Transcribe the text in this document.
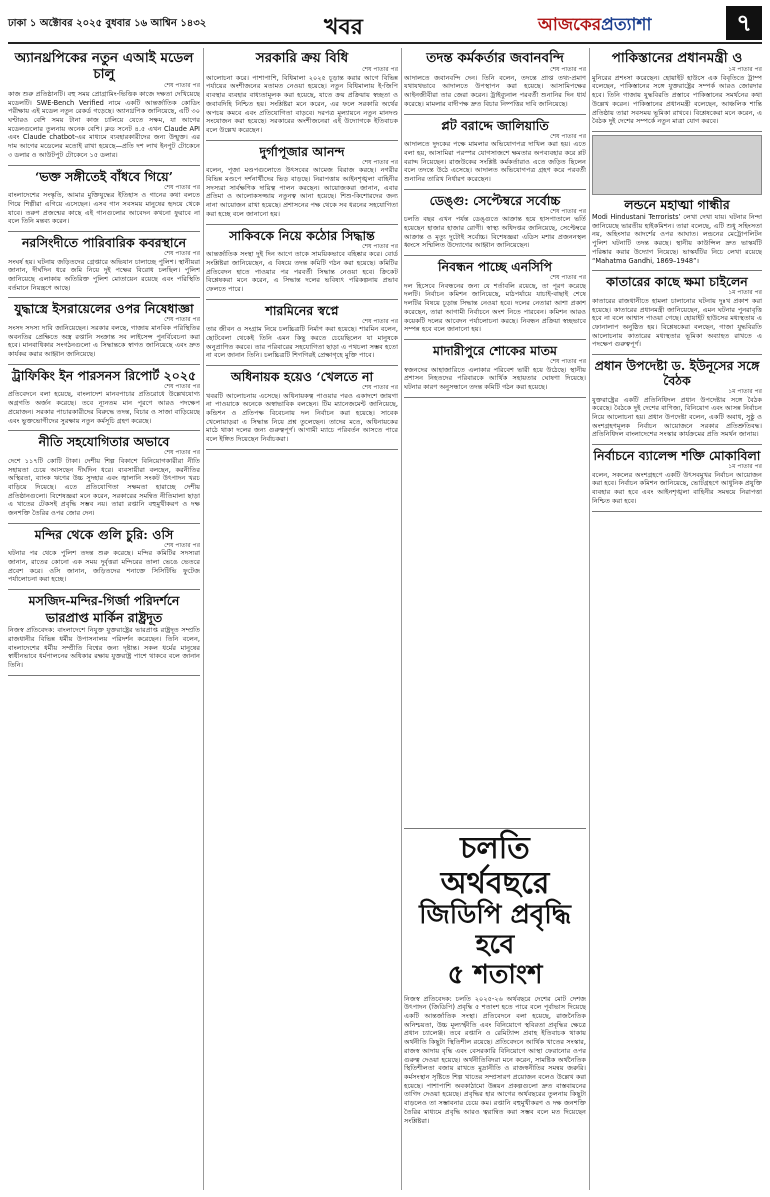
ঢাকা ১ অক্টোবর ২০২৫ বুধবার ১৬ আশ্বিন ১৪৩২	খবর	আজকেরপ্রত্যাশা	৭
অ্যানথ্রপিকের নতুন এআই মডেল চালু
শেষ পাতার পর
কাজ শুরু প্রতিষ্ঠানটি। বহু সময় প্রোগ্রামিং-ভিত্তিক কাজে দক্ষতা দেখিয়েছে মডেলটি। SWE-Bench Verified নামে একটি আন্তর্জাতিক কোডিং পরীক্ষায় এই মডেল নতুন রেকর্ড গড়েছে। অ্যানথ্রপিক জানিয়েছে, এটি ৩০ ঘণ্টারও বেশি সময় টানা কাজ চালিয়ে যেতে সক্ষম, যা আগের মডেলগুলোর তুলনায় অনেক বেশি। ক্লড সনেট ৪.৫ এখন Claude API এবং Claude chatbot-এর মাধ্যমে ব্যবহারকারীদের জন্য উন্মুক্ত। এর দাম আগের মডেলের মতোই রাখা হয়েছে—প্রতি দশ লাখ ইনপুট টোকেনে ৩ ডলার ও আউটপুট টোকেনে ১৫ ডলার।
‘ভক্ত সঙ্গীতেই বাঁধবে গিয়ে’
শেষ পাতার পর
বাংলাদেশের সংস্কৃতি, আমার মুক্তিযুদ্ধের ইতিহাস ও গানের কথা বলতে গিয়ে শিল্পীরা এগিয়ে এসেছেন। এসব গান সবসময় মানুষের হৃদয়ে থেকে যাবে। তরুণ প্রজন্মের কাছে এই গানগুলোর আবেদন কখনো ফুরাবে না বলে তিনি মন্তব্য করেন।
নরসিংদীতে পারিবারিক কবরস্থানে
শেষ পাতার পর
সংঘর্ষ হয়। ঘটনায় জড়িতদের গ্রেপ্তারে অভিযান চালাচ্ছে পুলিশ। স্থানীয়রা জানান, দীর্ঘদিন ধরে জমি নিয়ে দুই পক্ষের বিরোধ চলছিল। পুলিশ জানিয়েছে এলাকায় অতিরিক্ত পুলিশ মোতায়েন রয়েছে এবং পরিস্থিতি বর্তমানে নিয়ন্ত্রণে আছে।
যুদ্ধাস্ত্রে ইসরায়েলের ওপর নিষেধাজ্ঞা
শেষ পাতার পর
সংসদ সদস্য দাবি জানিয়েছেন। সরকার বলছে, গাজায় মানবিক পরিস্থিতির অবনতির প্রেক্ষিতে অস্ত্র রপ্তানি সংক্রান্ত সব লাইসেন্স পুনর্বিবেচনা করা হবে। মানবাধিকার সংগঠনগুলো এ সিদ্ধান্তকে স্বাগত জানিয়েছে এবং দ্রুত কার্যকর করার আহ্বান জানিয়েছে।
ট্রাফিকিং ইন পারসনস রিপোর্ট ২০২৫
শেষ পাতার পর
প্রতিবেদনে বলা হয়েছে, বাংলাদেশ মানবপাচার প্রতিরোধে উল্লেখযোগ্য অগ্রগতি অর্জন করেছে। তবে ন্যূনতম মান পূরণে আরও পদক্ষেপ প্রয়োজন। সরকার পাচারকারীদের বিরুদ্ধে তদন্ত, বিচার ও সাজা বাড়িয়েছে এবং ভুক্তভোগীদের সুরক্ষায় নতুন কর্মসূচি গ্রহণ করেছে।
নীতি সহযোগিতার অভাবে
শেষ পাতার পর
দেশে ১১৭টি কোটি টাকা। দেশীয় শিল্প বিকাশে বিনিয়োগকারীরা নীতি সহায়তা চেয়ে আসছেন দীর্ঘদিন ধরে। ব্যবসায়ীরা বলছেন, করনীতির অস্থিরতা, ব্যাংক ঋণের উচ্চ সুদহার এবং জ্বালানি সংকট উৎপাদন খরচ বাড়িয়ে দিয়েছে। এতে প্রতিযোগিতা সক্ষমতা হারাচ্ছে দেশীয় প্রতিষ্ঠানগুলো। বিশেষজ্ঞরা মনে করেন, সরকারের সমন্বিত নীতিমালা ছাড়া এ খাতের টেকসই প্রবৃদ্ধি সম্ভব নয়। তারা রপ্তানি বহুমুখীকরণ ও দক্ষ জনশক্তি তৈরির ওপর জোর দেন।
মন্দির থেকে গুলি চুরি: ওসি
শেষ পাতার পর
ঘটনার পর থেকে পুলিশ তদন্ত শুরু করেছে। মন্দির কমিটির সদস্যরা জানান, রাতের কোনো এক সময় দুর্বৃত্তরা মন্দিরের তালা ভেঙে ভেতরে প্রবেশ করে। ওসি জানান, জড়িতদের শনাক্তে সিসিটিভি ফুটেজ পর্যালোচনা করা হচ্ছে।
মসজিদ-মন্দির-গির্জা পরিদর্শনে
ভারপ্রাপ্ত মার্কিন রাষ্ট্রদূত
নিজস্ব প্রতিবেদক: বাংলাদেশে নিযুক্ত যুক্তরাষ্ট্রের ভারপ্রাপ্ত রাষ্ট্রদূত সম্প্রতি রাজধানীর বিভিন্ন ধর্মীয় উপাসনালয় পরিদর্শন করেছেন। তিনি বলেন, বাংলাদেশের ধর্মীয় সম্প্রীতি বিশ্বের জন্য দৃষ্টান্ত। সকল ধর্মের মানুষের স্বাধীনভাবে ধর্মপালনের অধিকার রক্ষায় যুক্তরাষ্ট্র পাশে থাকবে বলে জানান তিনি।
সরকারি ক্রয় বিধি
শেষ পাতার পর
আলোচনা করে। পাশাপাশি, বিধিমালা ২০২৫ চূড়ান্ত করার আগে বিভিন্ন পর্যায়ের অংশীজনের মতামত নেওয়া হয়েছে। নতুন বিধিমালায় ই-জিপি ব্যবস্থার ব্যবহার বাধ্যতামূলক করা হয়েছে, যাতে ক্রয় প্রক্রিয়ায় স্বচ্ছতা ও জবাবদিহি নিশ্চিত হয়। সংশ্লিষ্টরা মনে করেন, এর ফলে সরকারি অর্থের অপচয় কমবে এবং প্রতিযোগিতা বাড়বে। দরপত্র মূল্যায়নে নতুন মানদণ্ড সংযোজন করা হয়েছে। সরকারের অংশীজনেরা এই উদ্যোগকে ইতিবাচক বলে উল্লেখ করেছেন।
দুর্গাপূজার আনন্দ
শেষ পাতার পর
বলেন, পূজা মণ্ডপগুলোতে উৎসবের আমেজ বিরাজ করছে। নগরীর বিভিন্ন মণ্ডপে দর্শনার্থীদের ভিড় বাড়ছে। নিরাপত্তায় আইনশৃঙ্খলা বাহিনীর সদস্যরা সার্বক্ষণিক দায়িত্ব পালন করছেন। আয়োজকরা জানান, এবার প্রতিমা ও আলোকসজ্জায় নতুনত্ব আনা হয়েছে। শিশু-কিশোরদের জন্য নানা আয়োজন রাখা হয়েছে। প্রশাসনের পক্ষ থেকে সব ধরনের সহযোগিতা করা হচ্ছে বলে জানানো হয়।
সাকিবকে নিয়ে কঠোর সিদ্ধান্ত
শেষ পাতার পর
আন্তর্জাতিক সংস্থা দুই দিন আগে তাকে সাময়িকভাবে বহিষ্কার করে। বোর্ড সংশ্লিষ্টরা জানিয়েছেন, এ বিষয়ে তদন্ত কমিটি গঠন করা হয়েছে। কমিটির প্রতিবেদন হাতে পাওয়ার পর পরবর্তী সিদ্ধান্ত নেওয়া হবে। ক্রিকেট বিশ্লেষকরা মনে করেন, এ সিদ্ধান্ত দলের ভবিষ্যৎ পরিকল্পনায় প্রভাব ফেলতে পারে।
শারমিনের স্বপ্নে
শেষ পাতার পর
তার জীবন ও সংগ্রাম নিয়ে চলচ্চিত্রটি নির্মাণ করা হয়েছে। শারমিন বলেন, ছোটবেলা থেকেই তিনি এমন কিছু করতে চেয়েছিলেন যা মানুষকে অনুপ্রাণিত করবে। তার পরিবারের সহযোগিতা ছাড়া এ পথচলা সম্ভব হতো না বলে জানান তিনি। চলচ্চিত্রটি শিগগিরই প্রেক্ষাগৃহে মুক্তি পাবে।
অধিনায়ক হয়েও ‘খেলতে না
শেষ পাতার পর
খবরটি আলোচনায় এসেছে। অধিনায়কত্ব পাওয়ার পরও একাদশে জায়গা না পাওয়াকে অনেকে অস্বাভাবিক বলছেন। টিম ম্যানেজমেন্ট জানিয়েছে, কন্ডিশন ও প্রতিপক্ষ বিবেচনায় দল নির্বাচন করা হয়েছে। সাবেক খেলোয়াড়রা এ সিদ্ধান্ত নিয়ে প্রশ্ন তুলেছেন। তাদের মতে, অধিনায়কের মাঠে থাকা দলের জন্য গুরুত্বপূর্ণ। আগামী ম্যাচে পরিবর্তন আসতে পারে বলে ইঙ্গিত দিয়েছেন নির্বাচকরা।
তদন্ত কর্মকর্তার জবানবন্দি
শেষ পাতার পর
আদালতে জবানবন্দি দেন। তিনি বলেন, তদন্তে প্রাপ্ত তথ্য-প্রমাণ যথাযথভাবে আদালতে উপস্থাপন করা হয়েছে। আসামিপক্ষের আইনজীবীরা তার জেরা করেন। ট্রাইব্যুনাল পরবর্তী শুনানির দিন ধার্য করেছে। মামলার বাদীপক্ষ দ্রুত বিচার নিষ্পত্তির দাবি জানিয়েছে।
প্লট বরাদ্দে জালিয়াতি
শেষ পাতার পর
আদালতে দুদকের পক্ষে মামলার অভিযোগপত্র দাখিল করা হয়। এতে বলা হয়, আসামিরা পরস্পর যোগসাজশে ক্ষমতার অপব্যবহার করে প্লট বরাদ্দ নিয়েছেন। রাজউকের সংশ্লিষ্ট কর্মকর্তারাও এতে জড়িত ছিলেন বলে তদন্তে উঠে এসেছে। আদালত অভিযোগপত্র গ্রহণ করে পরবর্তী শুনানির তারিখ নির্ধারণ করেছেন।
ডেঙ্গু: সেপ্টেম্বরে সর্বোচ্চ
শেষ পাতার পর
চলতি বছর এখন পর্যন্ত ডেঙ্গুতে আক্রান্ত হয়ে হাসপাতালে ভর্তি হয়েছেন হাজার হাজার রোগী। স্বাস্থ্য অধিদপ্তর জানিয়েছে, সেপ্টেম্বরে আক্রান্ত ও মৃত্যু দুটোই সর্বোচ্চ। বিশেষজ্ঞরা এডিস মশার প্রজননস্থল ধ্বংসে সম্মিলিত উদ্যোগের আহ্বান জানিয়েছেন।
নিবন্ধন পাচ্ছে এনসিপি
শেষ পাতার পর
দল হিসেবে নিবন্ধনের জন্য যে শর্তাবলি রয়েছে, তা পূরণ করেছে দলটি। নির্বাচন কমিশন জানিয়েছে, মাঠপর্যায়ে যাচাই-বাছাই শেষে দলটির বিষয়ে চূড়ান্ত সিদ্ধান্ত নেওয়া হবে। দলের নেতারা আশা প্রকাশ করেছেন, তারা আগামী নির্বাচনে অংশ নিতে পারবেন। কমিশন আরও কয়েকটি দলের আবেদন পর্যালোচনা করছে। নিবন্ধন প্রক্রিয়া স্বচ্ছভাবে সম্পন্ন হবে বলে জানানো হয়।
মাদারীপুরে শোকের মাতম
শেষ পাতার পর
স্বজনদের আহাজারিতে এলাকার পরিবেশ ভারী হয়ে উঠেছে। স্থানীয় প্রশাসন নিহতদের পরিবারকে আর্থিক সহায়তার ঘোষণা দিয়েছে। ঘটনার কারণ অনুসন্ধানে তদন্ত কমিটি গঠন করা হয়েছে।
চলতি অর্থবছরে
জিডিপি প্রবৃদ্ধি হবে
৫ শতাংশ
নিজস্ব প্রতিবেদক: চলতি ২০২৫-২৬ অর্থবছরে দেশের মোট দেশজ উৎপাদন (জিডিপি) প্রবৃদ্ধি ৫ শতাংশ হতে পারে বলে পূর্বাভাস দিয়েছে একটি আন্তর্জাতিক সংস্থা। প্রতিবেদনে বলা হয়েছে, রাজনৈতিক অনিশ্চয়তা, উচ্চ মূল্যস্ফীতি এবং বিনিয়োগে স্থবিরতা প্রবৃদ্ধির ক্ষেত্রে প্রধান চ্যালেঞ্জ। তবে রপ্তানি ও রেমিট্যান্স প্রবাহ ইতিবাচক থাকায় অর্থনীতি কিছুটা স্থিতিশীল রয়েছে। প্রতিবেদনে আর্থিক খাতের সংস্কার, রাজস্ব আদায় বৃদ্ধি এবং বেসরকারি বিনিয়োগে আস্থা ফেরানোর ওপর গুরুত্ব দেওয়া হয়েছে। অর্থনীতিবিদরা মনে করেন, সামষ্টিক অর্থনৈতিক স্থিতিশীলতা বজায় রাখতে মুদ্রানীতি ও রাজস্বনীতির সমন্বয় জরুরি। কর্মসংস্থান সৃষ্টিতে শিল্প খাতের সম্প্রসারণ প্রয়োজন বলেও উল্লেখ করা হয়েছে। পাশাপাশি অবকাঠামো উন্নয়ন প্রকল্পগুলো দ্রুত বাস্তবায়নের তাগিদ দেওয়া হয়েছে। প্রবৃদ্ধির হার আগের অর্থবছরের তুলনায় কিছুটা বাড়লেও তা সম্ভাবনার চেয়ে কম। রপ্তানি বহুমুখীকরণ ও দক্ষ জনশক্তি তৈরির মাধ্যমে প্রবৃদ্ধি আরও ত্বরান্বিত করা সম্ভব বলে মত দিয়েছেন সংশ্লিষ্টরা।
পাকিস্তানের প্রধানমন্ত্রী ও
১ম পাতার পর
মুনিরের প্রশংসা করেছেন। হোয়াইট হাউসে এক বিবৃতিতে ট্রাম্প বলেছেন, পাকিস্তানের সঙ্গে যুক্তরাষ্ট্রের সম্পর্ক আরও জোরদার হবে। তিনি গাজায় যুদ্ধবিরতি প্রস্তাবে পাকিস্তানের সমর্থনের কথা উল্লেখ করেন। পাকিস্তানের প্রধানমন্ত্রী বলেছেন, আঞ্চলিক শান্তি প্রতিষ্ঠায় তারা সবসময় ভূমিকা রাখবে। বিশ্লেষকেরা মনে করেন, এ বৈঠক দুই দেশের সম্পর্কে নতুন মাত্রা যোগ করবে।
লন্ডনে মহাত্মা গান্ধীর
Modi Hindustani Terrorists’ লেখা দেখা যায়। ঘটনার নিন্দা জানিয়েছে ভারতীয় হাইকমিশন। তারা বলেছে, এটি শুধু সহিংসতা নয়, অহিংসার আদর্শের ওপর আঘাত। লন্ডনের মেট্রোপলিটন পুলিশ ঘটনাটি তদন্ত করছে। স্থানীয় কাউন্সিল দ্রুত ভাস্কর্যটি পরিষ্কার করার উদ্যোগ নিয়েছে। ভাস্কর্যটির নিচে লেখা রয়েছে “Mahatma Gandhi, 1869–1948”।
কাতারের কাছে ক্ষমা চাইলেন
১ম পাতার পর
কাতারের রাজধানীতে হামলা চালানোর ঘটনায় দুঃখ প্রকাশ করা হয়েছে। কাতারের প্রধানমন্ত্রী জানিয়েছেন, এমন ঘটনার পুনরাবৃত্তি হবে না বলে আশ্বাস পাওয়া গেছে। হোয়াইট হাউসের মধ্যস্থতায় এ ফোনালাপ অনুষ্ঠিত হয়। বিশ্লেষকেরা বলছেন, গাজা যুদ্ধবিরতি আলোচনায় কাতারের মধ্যস্থতার ভূমিকা অব্যাহত রাখতে এ পদক্ষেপ গুরুত্বপূর্ণ।
প্রধান উপদেষ্টা ড. ইউনূসের সঙ্গে বৈঠক
১ম পাতার পর
যুক্তরাষ্ট্রের একটি প্রতিনিধিদল প্রধান উপদেষ্টার সঙ্গে বৈঠক করেছে। বৈঠকে দুই দেশের বাণিজ্য, বিনিয়োগ এবং আসন্ন নির্বাচন নিয়ে আলোচনা হয়। প্রধান উপদেষ্টা বলেন, একটি অবাধ, সুষ্ঠু ও অংশগ্রহণমূলক নির্বাচন আয়োজনে সরকার প্রতিশ্রুতিবদ্ধ। প্রতিনিধিদল বাংলাদেশের সংস্কার কার্যক্রমের প্রতি সমর্থন জানায়।
নির্বাচনে ব্যালেন্স শক্তি মোকাবিলা
১ম পাতার পর
বলেন, সকলের অংশগ্রহণে একটি উৎসবমুখর নির্বাচন আয়োজন করা হবে। নির্বাচন কমিশন জানিয়েছে, ভোটগ্রহণে আধুনিক প্রযুক্তি ব্যবহার করা হবে এবং আইনশৃঙ্খলা বাহিনীর সমন্বয়ে নিরাপত্তা নিশ্চিত করা হবে।
